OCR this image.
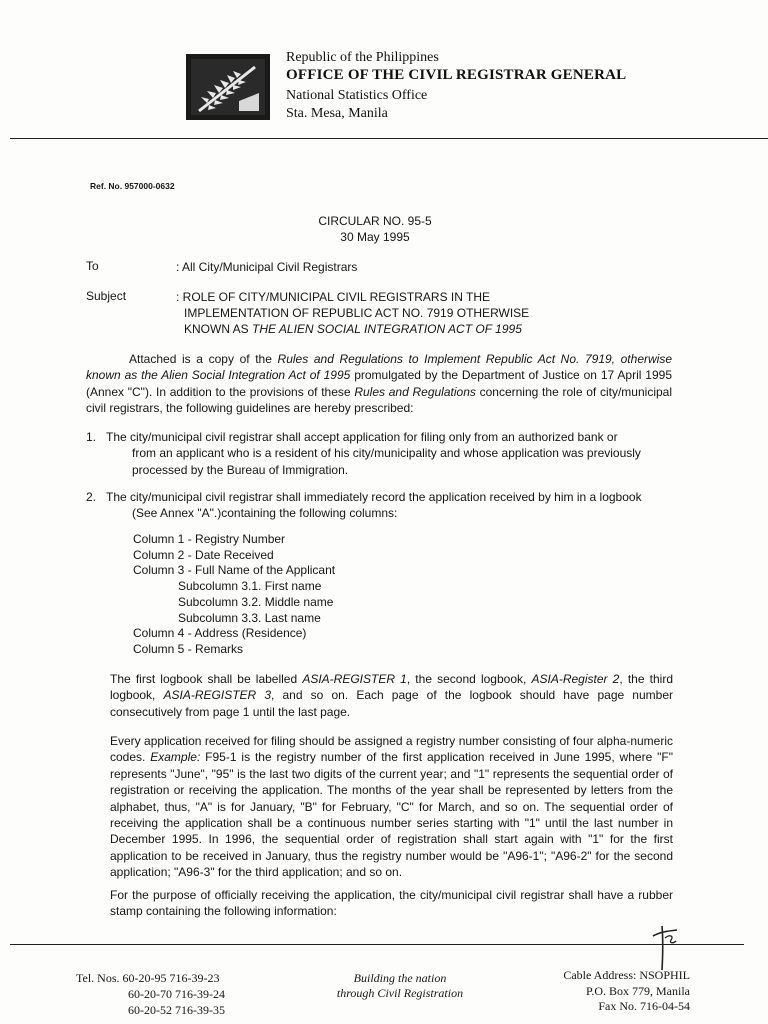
Republic of the Philippines
OFFICE OF THE CIVIL REGISTRAR GENERAL
National Statistics Office
Sta. Mesa, Manila
Ref. No. 957000-0632
CIRCULAR NO. 95-5
30 May 1995
To	: All City/Municipal Civil Registrars
Subject	: ROLE OF CITY/MUNICIPAL CIVIL REGISTRARS IN THE
IMPLEMENTATION OF REPUBLIC ACT NO. 7919 OTHERWISE
KNOWN AS THE ALIEN SOCIAL INTEGRATION ACT OF 1995
Attached is a copy of the Rules and Regulations to Implement Republic Act No. 7919, otherwise known as the Alien Social Integration Act of 1995 promulgated by the Department of Justice on 17 April 1995 (Annex "C"). In addition to the provisions of these Rules and Regulations concerning the role of city/municipal civil registrars, the following guidelines are hereby prescribed:
1. The city/municipal civil registrar shall accept application for filing only from an authorized bank or
from an applicant who is a resident of his city/municipality and whose application was previously processed by the Bureau of Immigration.
2. The city/municipal civil registrar shall immediately record the application received by him in a logbook
(See Annex "A".)containing the following columns:
Column 1 - Registry Number
Column 2 - Date Received
Column 3 - Full Name of the Applicant
Subcolumn 3.1. First name
Subcolumn 3.2. Middle name
Subcolumn 3.3. Last name
Column 4 - Address (Residence)
Column 5 - Remarks
The first logbook shall be labelled ASIA-REGISTER 1, the second logbook, ASIA-Register 2, the third logbook, ASIA-REGISTER 3, and so on. Each page of the logbook should have page number consecutively from page 1 until the last page.
Every application received for filing should be assigned a registry number consisting of four alpha-numeric codes. Example: F95-1 is the registry number of the first application received in June 1995, where "F" represents "June", "95" is the last two digits of the current year; and "1" represents the sequential order of registration or receiving the application. The months of the year shall be represented by letters from the alphabet, thus, "A" is for January, "B" for February, "C" for March, and so on. The sequential order of receiving the application shall be a continuous number series starting with "1" until the last number in December 1995. In 1996, the sequential order of registration shall start again with "1" for the first application to be received in January, thus the registry number would be "A96-1"; "A96-2" for the second application; "A96-3" for the third application; and so on.
For the purpose of officially receiving the application, the city/municipal civil registrar shall have a rubber stamp containing the following information:
Tel. Nos. 60-20-95 716-39-23
60-20-70 716-39-24
60-20-52 716-39-35
Building the nation
through Civil Registration
Cable Address: NSOPHIL
P.O. Box 779, Manila
Fax No. 716-04-54
